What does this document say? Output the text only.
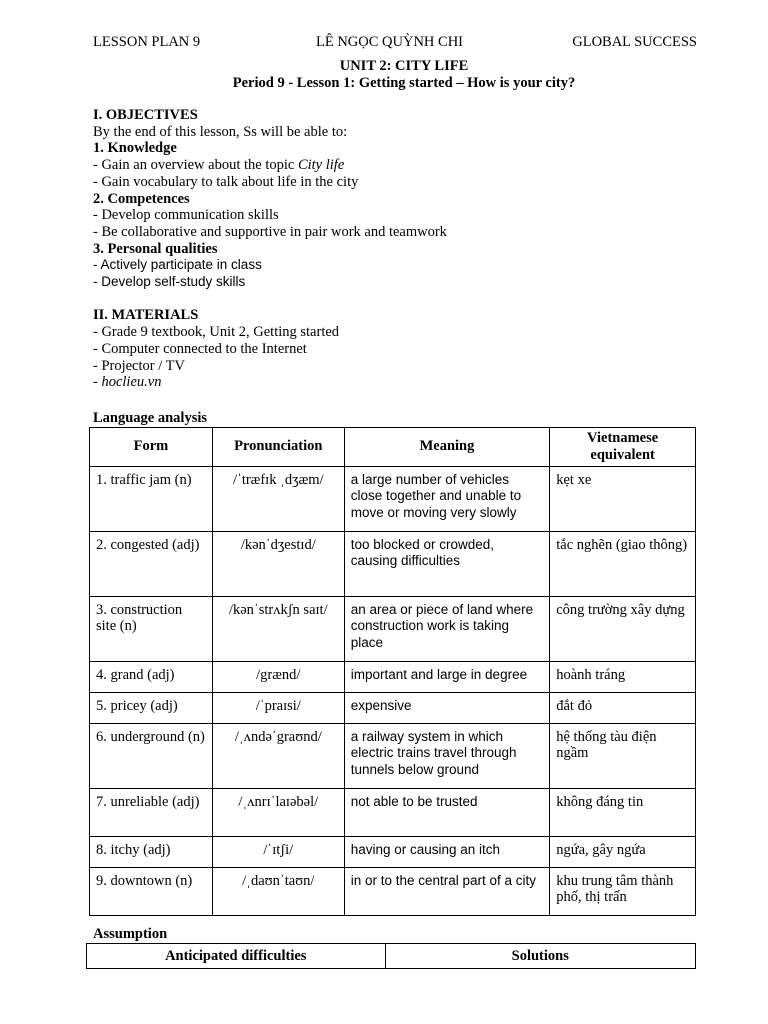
LESSON PLAN 9	LÊ NGỌC QUỲNH CHI	GLOBAL SUCCESS
UNIT 2: CITY LIFE
Period 9 - Lesson 1: Getting started – How is your city?
I. OBJECTIVES
By the end of this lesson, Ss will be able to:
1. Knowledge
- Gain an overview about the topic City life
- Gain vocabulary to talk about life in the city
2. Competences
- Develop communication skills
- Be collaborative and supportive in pair work and teamwork
3. Personal qualities
- Actively participate in class
- Develop self-study skills
II. MATERIALS
- Grade 9 textbook, Unit 2, Getting started
- Computer connected to the Internet
- Projector / TV
- hoclieu.vn
Language analysis
Form	Pronunciation	Meaning	Vietnamese equivalent
1. traffic jam (n)	/ˈtræfɪk ˌdʒæm/	a large number of vehicles close together and unable to move or moving very slowly	kẹt xe
2. congested (adj)	/kənˈdʒestɪd/	too blocked or crowded, causing difficulties	tắc nghẽn (giao thông)
3. construction site (n)	/kənˈstrʌkʃn saɪt/	an area or piece of land where construction work is taking place	công trường xây dựng
4. grand (adj)	/grænd/	important and large in degree	hoành tráng
5. pricey (adj)	/ˈpraɪsi/	expensive	đắt đỏ
6. underground (n)	/ˌʌndəˈgraʊnd/	a railway system in which electric trains travel through tunnels below ground	hệ thống tàu điện ngầm
7. unreliable (adj)	/ˌʌnrɪˈlaɪəbəl/	not able to be trusted	không đáng tin
8. itchy (adj)	/ˈɪtʃi/	having or causing an itch	ngứa, gây ngứa
9. downtown (n)	/ˌdaʊnˈtaʊn/	in or to the central part of a city	khu trung tâm thành phố, thị trấn
Assumption
Anticipated difficulties	Solutions
